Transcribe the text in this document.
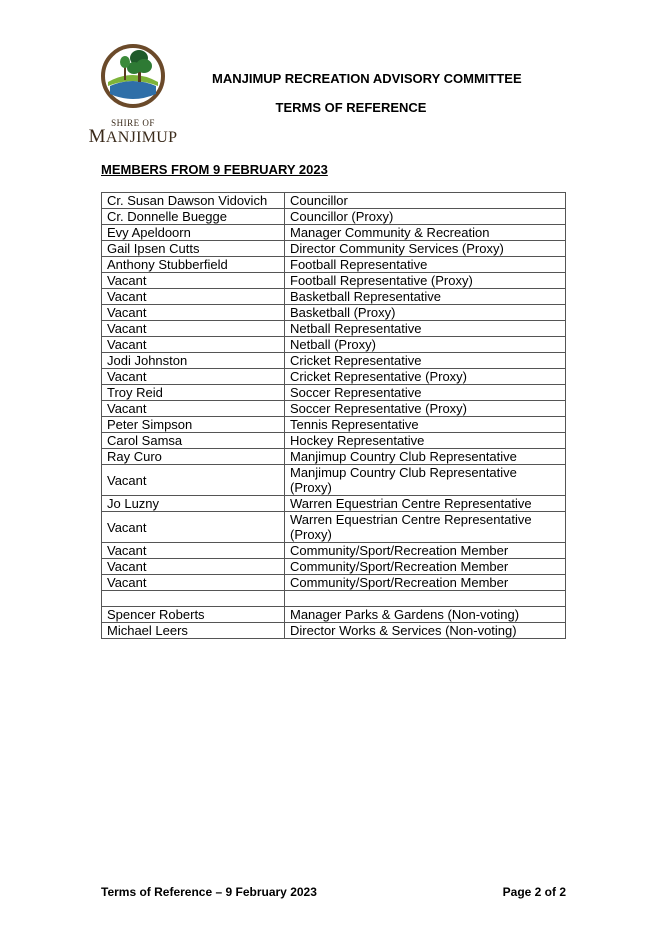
SHIRE OF
MANJIMUP
MANJIMUP RECREATION ADVISORY COMMITTEE
TERMS OF REFERENCE
MEMBERS FROM 9 FEBRUARY 2023
Cr. Susan Dawson Vidovich	Councillor
Cr. Donnelle Buegge	Councillor (Proxy)
Evy Apeldoorn	Manager Community & Recreation
Gail Ipsen Cutts	Director Community Services (Proxy)
Anthony Stubberfield	Football Representative
Vacant	Football Representative (Proxy)
Vacant	Basketball Representative
Vacant	Basketball (Proxy)
Vacant	Netball Representative
Vacant	Netball (Proxy)
Jodi Johnston	Cricket Representative
Vacant	Cricket Representative (Proxy)
Troy Reid	Soccer Representative
Vacant	Soccer Representative (Proxy)
Peter Simpson	Tennis Representative
Carol Samsa	Hockey Representative
Ray Curo	Manjimup Country Club Representative
Vacant	Manjimup Country Club Representative (Proxy)
Jo Luzny	Warren Equestrian Centre Representative
Vacant	Warren Equestrian Centre Representative (Proxy)
Vacant	Community/Sport/Recreation Member
Vacant	Community/Sport/Recreation Member
Vacant	Community/Sport/Recreation Member

Spencer Roberts	Manager Parks & Gardens (Non-voting)
Michael Leers	Director Works & Services (Non-voting)
Terms of Reference – 9 February 2023	Page 2 of 2
